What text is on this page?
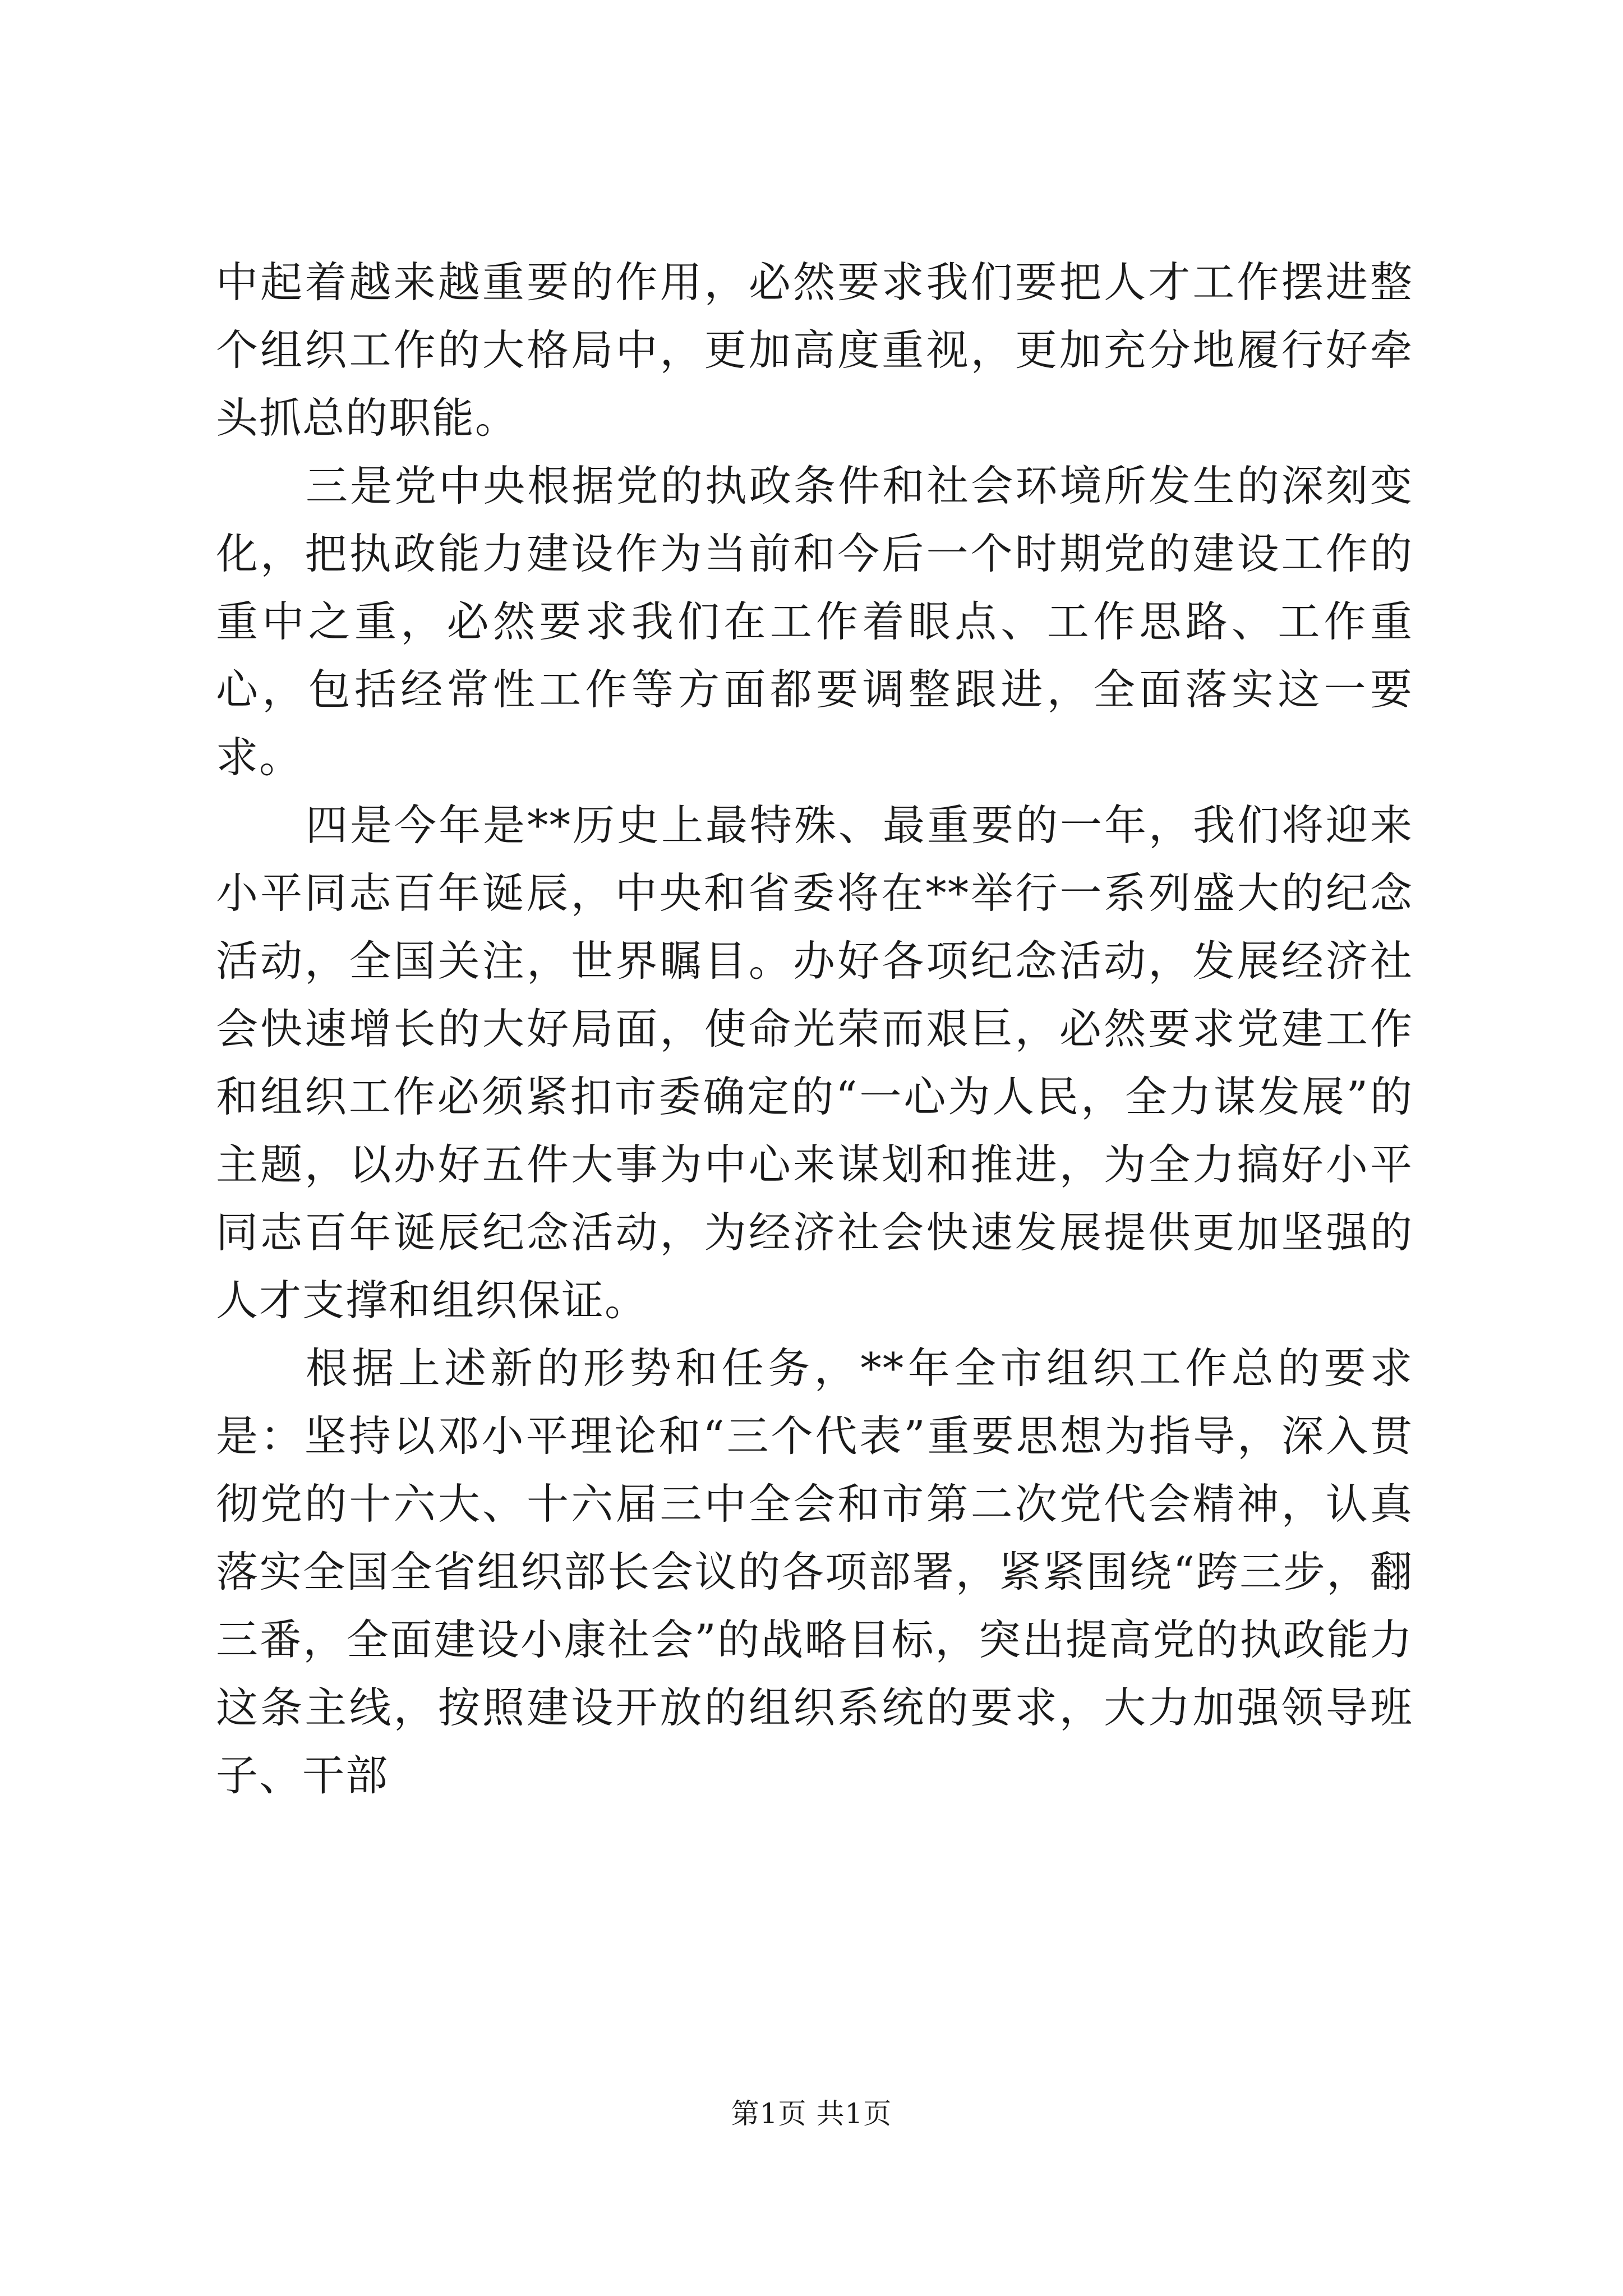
中起着越来越重要的作用，必然要求我们要把人才工作摆进整个组织工作的大格局中，更加高度重视，更加充分地履行好牵头抓总的职能。

三是党中央根据党的执政条件和社会环境所发生的深刻变化，把执政能力建设作为当前和今后一个时期党的建设工作的重中之重，必然要求我们在工作着眼点、工作思路、工作重心，包括经常性工作等方面都要调整跟进，全面落实这一要求。

四是今年是**历史上最特殊、最重要的一年，我们将迎来小平同志百年诞辰，中央和省委将在**举行一系列盛大的纪念活动，全国关注，世界瞩目。办好各项纪念活动，发展经济社会快速增长的大好局面，使命光荣而艰巨，必然要求党建工作和组织工作必须紧扣市委确定的“一心为人民，全力谋发展”的主题，以办好五件大事为中心来谋划和推进，为全力搞好小平同志百年诞辰纪念活动，为经济社会快速发展提供更加坚强的人才支撑和组织保证。

根据上述新的形势和任务，**年全市组织工作总的要求是：坚持以邓小平理论和“三个代表”重要思想为指导，深入贯彻党的十六大、十六届三中全会和市第二次党代会精神，认真落实全国全省组织部长会议的各项部署，紧紧围绕“跨三步，翻三番，全面建设小康社会”的战略目标，突出提高党的执政能力这条主线，按照建设开放的组织系统的要求，大力加强领导班子、干部

第1页 共1页
